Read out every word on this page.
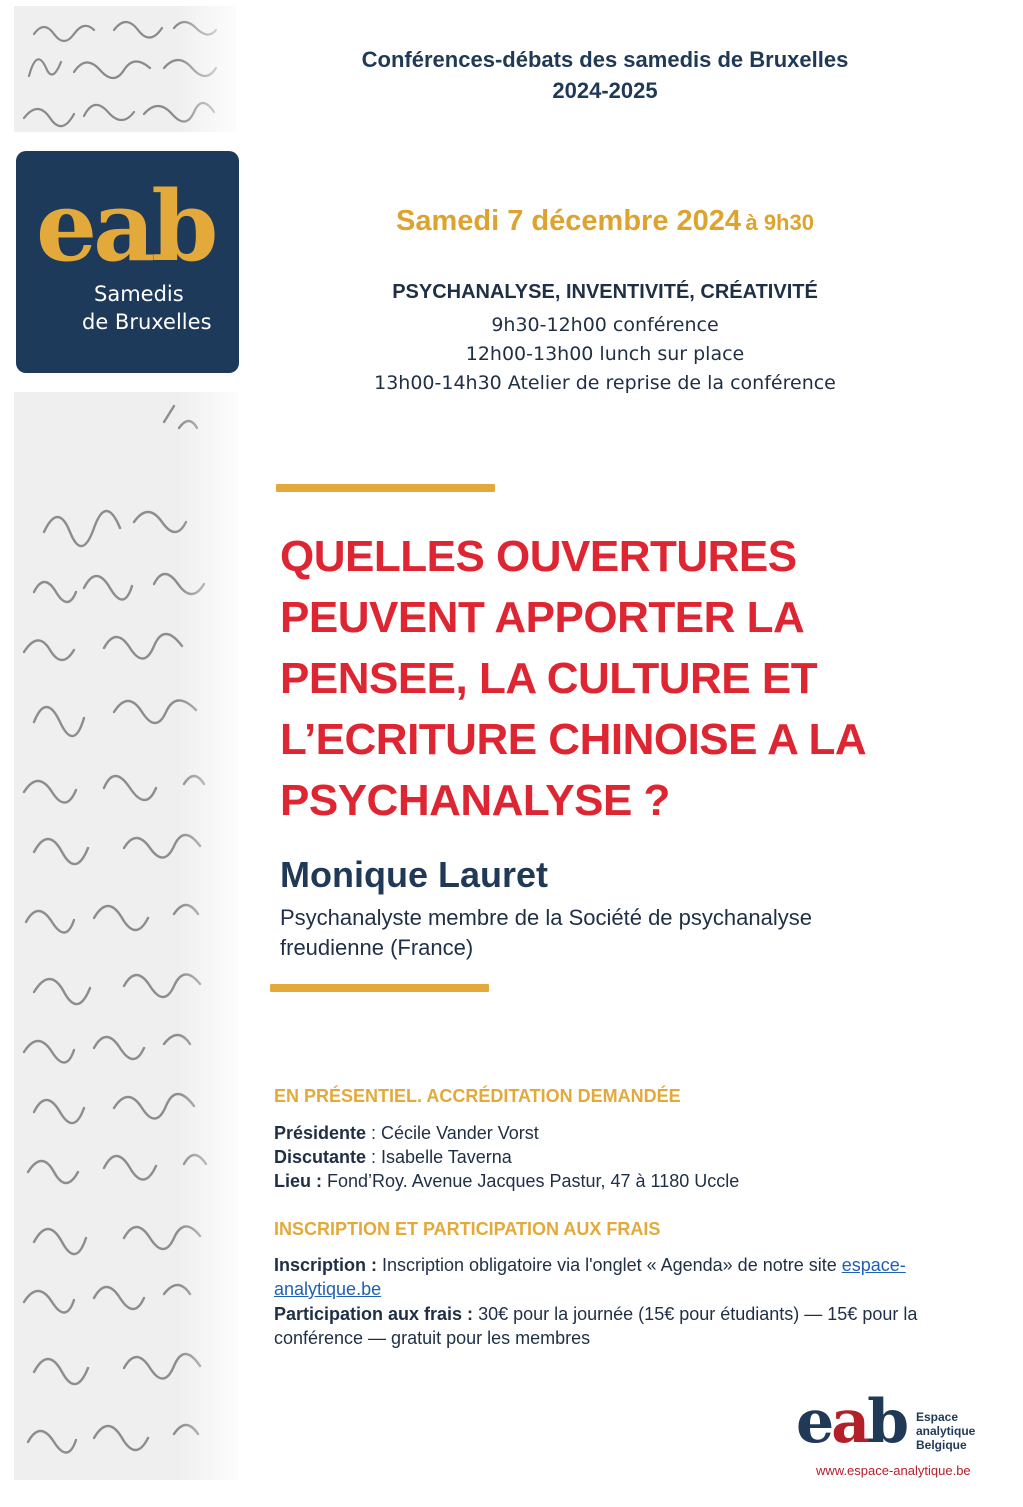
eab
Samedis
de Bruxelles
Conférences-débats des samedis de Bruxelles
2024-2025
Samedi 7 décembre 2024 à 9h30
PSYCHANALYSE, INVENTIVITÉ, CRÉATIVITÉ
9h30-12h00 conférence
12h00-13h00 lunch sur place
13h00-14h30 Atelier de reprise de la conférence
QUELLES OUVERTURES
PEUVENT APPORTER LA
PENSEE, LA CULTURE ET
L’ECRITURE CHINOISE A LA
PSYCHANALYSE ?
Monique Lauret
Psychanalyste membre de la Société de psychanalyse
freudienne (France)
EN PRÉSENTIEL. ACCRÉDITATION DEMANDÉE
Présidente : Cécile Vander Vorst
Discutante : Isabelle Taverna
Lieu : Fond’Roy. Avenue Jacques Pastur, 47 à 1180 Uccle
INSCRIPTION ET PARTICIPATION AUX FRAIS
Inscription : Inscription obligatoire via l'onglet « Agenda» de notre site espace-
analytique.be
Participation aux frais : 30€ pour la journée (15€ pour étudiants) — 15€ pour la
conférence — gratuit pour les membres
eab Espace
analytique
Belgique
www.espace-analytique.be
